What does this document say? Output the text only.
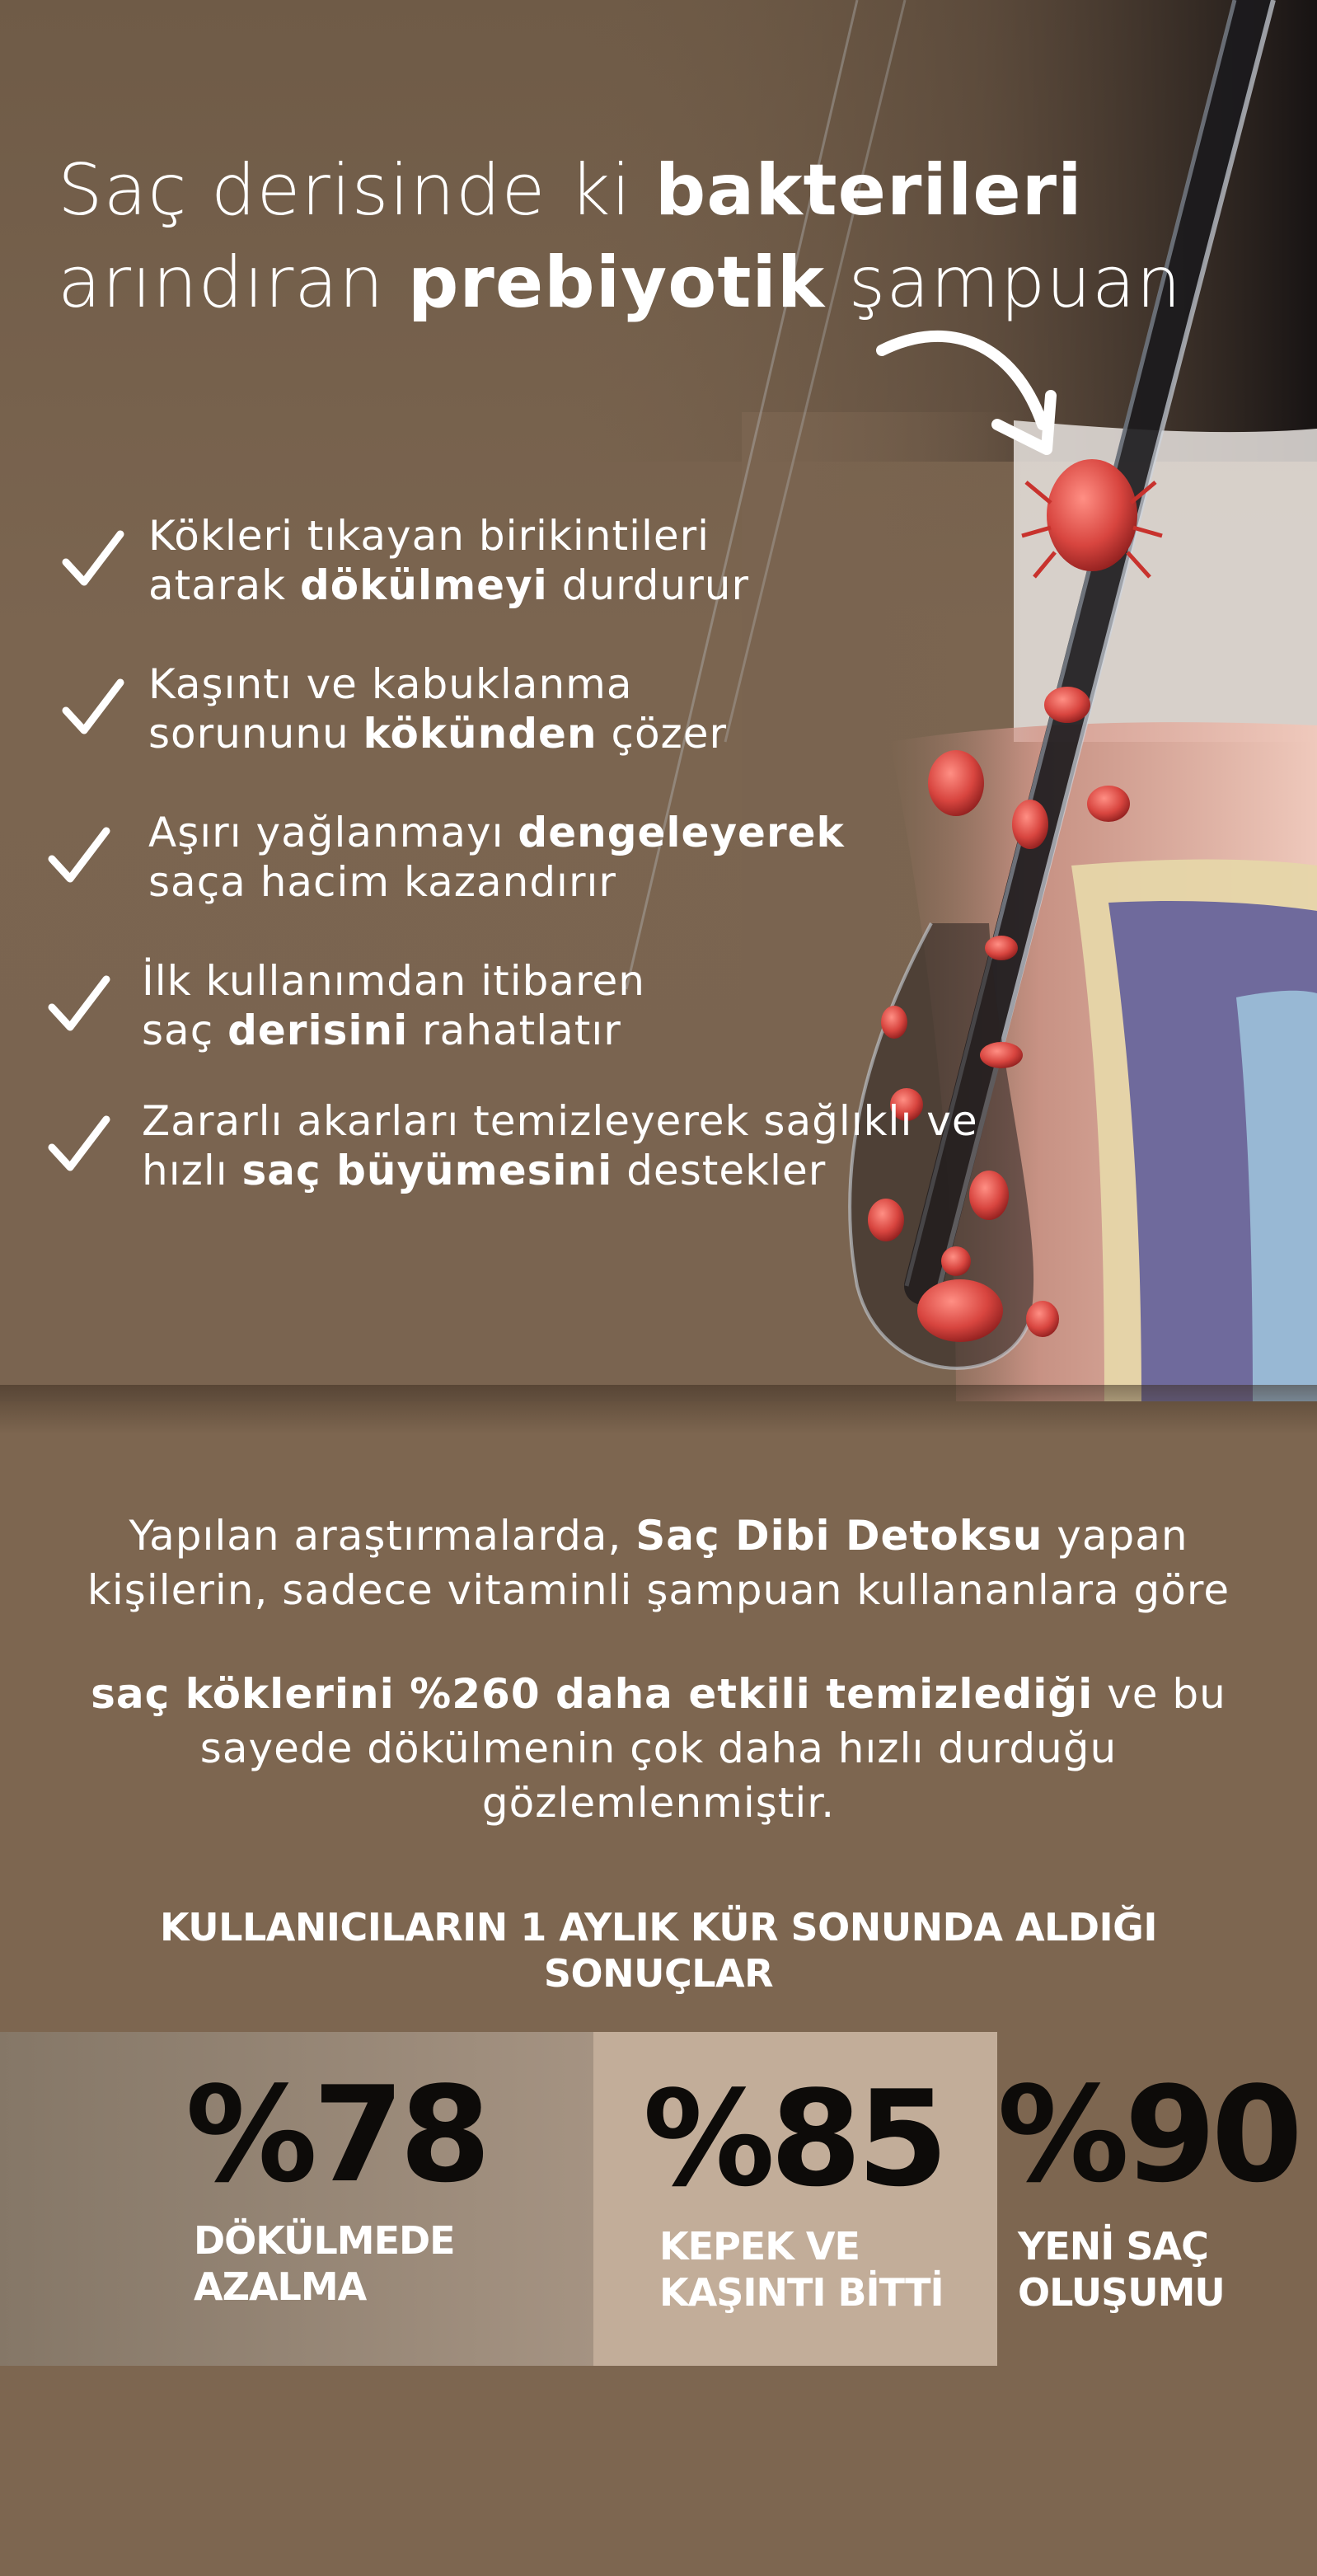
Saç derisinde ki bakterileri
arındıran prebiyotik şampuan
Kökleri tıkayan birikintileri
atarak dökülmeyi durdurur
Kaşıntı ve kabuklanma
sorununu kökünden çözer
Aşırı yağlanmayı dengeleyerek
saça hacim kazandırır
İlk kullanımdan itibaren
saç derisini rahatlatır
Zararlı akarları temizleyerek sağlıklı ve
hızlı saç büyümesini destekler

Yapılan araştırmalarda, Saç Dibi Detoksu yapan
kişilerin, sadece vitaminli şampuan kullananlara göre

saç köklerini %260 daha etkili temizlediği ve bu
sayede dökülmenin çok daha hızlı durduğu
gözlemlenmiştir.

KULLANICILARIN 1 AYLIK KÜR SONUNDA ALDIĞI
SONUÇLAR
%78
DÖKÜLMEDE
AZALMA
%85
KEPEK VE
KAŞINTI BİTTİ
%90
YENİ SAÇ
OLUŞUMU
